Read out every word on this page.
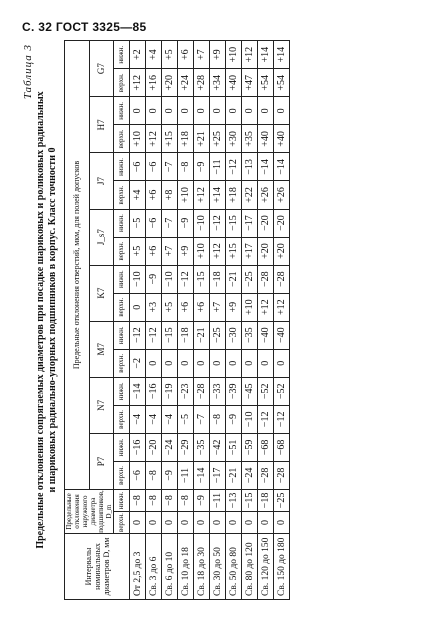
С. 32 ГОСТ 3325—85
Таблица 3
Предельные отклонения сопрягаемых диаметров при посадке шариковых и роликовых радиальных и шариковых радиально-упорных подшипников в корпус. Класс точности 0
Интервалы номинальных диаметров D, мм	Предельные отклонения наружного диаметра подшипников, D_m		Предельные отклонения отверстий, мкм, для полей допусков															
			P7		N7		M7		K7		J_s7		J7		H7		G7	
	верхн.	нижн.	верхн.	нижн.	верхн.	нижн.	верхн.	нижн.	верхн.	нижн.	верхн.	нижн.	верхн.	нижн.	верхн.	нижн.	верхн.	нижн.
От 2,5 до 3	0	−8	−6	−16	−4	−14	−2	−12	0	−10	+5	−5	+4	−6	+10	0	+12	+2
Св. 3 до 6	0	−8	−8	−20	−4	−16	0	−12	+3	−9	+6	−6	+6	−6	+12	0	+16	+4
Св. 6 до 10	0	−8	−9	−24	−4	−19	0	−15	+5	−10	+7	−7	+8	−7	+15	0	+20	+5
Св. 10 до 18	0	−8	−11	−29	−5	−23	0	−18	+6	−12	+9	−9	+10	−8	+18	0	+24	+6
Св. 18 до 30	0	−9	−14	−35	−7	−28	0	−21	+6	−15	+10	−10	+12	−9	+21	0	+28	+7
Св. 30 до 50	0	−11	−17	−42	−8	−33	0	−25	+7	−18	+12	−12	+14	−11	+25	0	+34	+9
Св. 50 до 80	0	−13	−21	−51	−9	−39	0	−30	+9	−21	+15	−15	+18	−12	+30	0	+40	+10
Св. 80 до 120	0	−15	−24	−59	−10	−45	0	−35	+10	−25	+17	−17	+22	−13	+35	0	+47	+12
Св. 120 до 150	0	−18	−28	−68	−12	−52	0	−40	+12	−28	+20	−20	+26	−14	+40	0	+54	+14
Св. 150 до 180	0	−25	−28	−68	−12	−52	0	−40	+12	−28	+20	−20	+26	−14	+40	0	+54	+14
